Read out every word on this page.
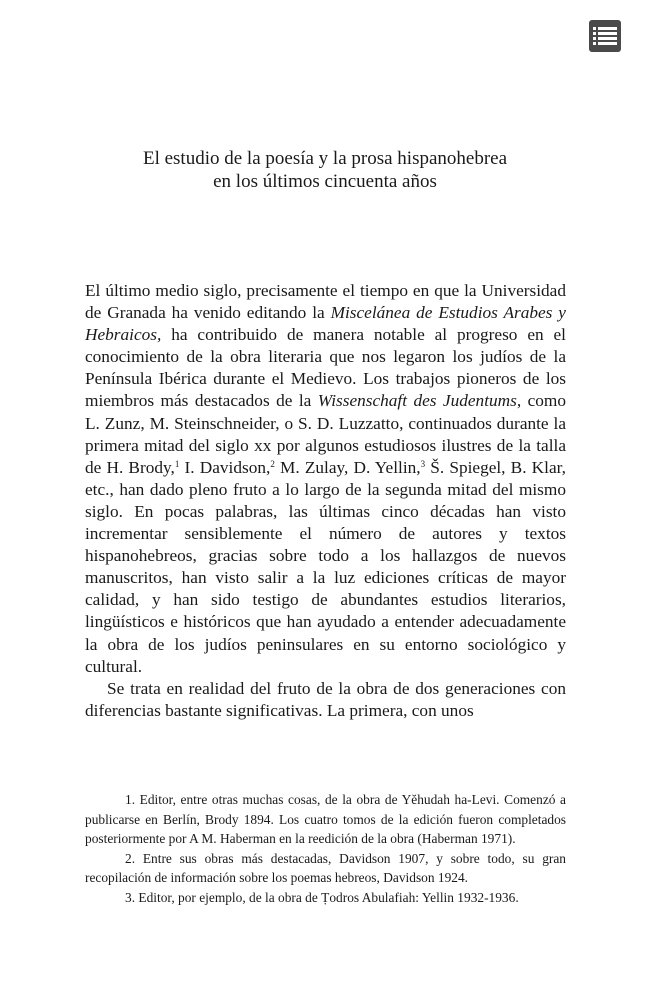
El estudio de la poesía y la prosa hispanohebrea
en los últimos cincuenta años

El último medio siglo, precisamente el tiempo en que la Universidad de Granada ha venido editando la Miscelánea de Estudios Arabes y Hebraicos, ha contribuido de manera notable al progreso en el conocimiento de la obra literaria que nos legaron los judíos de la Península Ibérica durante el Medievo. Los trabajos pioneros de los miembros más destacados de la Wissenschaft des Judentums, como L. Zunz, M. Steinschneider, o S. D. Luzzatto, continuados durante la primera mitad del siglo xx por algunos estudiosos ilustres de la talla de H. Brody,$^1$ I. Davidson,$^2$ M. Zulay, D. Yellin,$^3$ Š. Spiegel, B. Klar, etc., han dado pleno fruto a lo largo de la segunda mitad del mismo siglo. En pocas palabras, las últimas cinco décadas han visto incrementar sensiblemente el número de autores y textos hispanohebreos, gracias sobre todo a los hallazgos de nuevos manuscritos, han visto salir a la luz ediciones críticas de mayor calidad, y han sido testigo de abundantes estudios literarios, lingüísticos e históricos que han ayudado a entender adecuadamente la obra de los judíos peninsulares en su entorno sociológico y cultural.

Se trata en realidad del fruto de la obra de dos generaciones con diferencias bastante significativas. La primera, con unos

1. Editor, entre otras muchas cosas, de la obra de Yĕhudah ha-Levi. Comenzó a publicarse en Berlín, Brody 1894. Los cuatro tomos de la edición fueron completados posteriormente por A M. Haberman en la reedición de la obra (Haberman 1971).

2. Entre sus obras más destacadas, Davidson 1907, y sobre todo, su gran recopilación de información sobre los poemas hebreos, Davidson 1924.

3. Editor, por ejemplo, de la obra de Ṭodros Abulafiah: Yellin 1932-1936.
